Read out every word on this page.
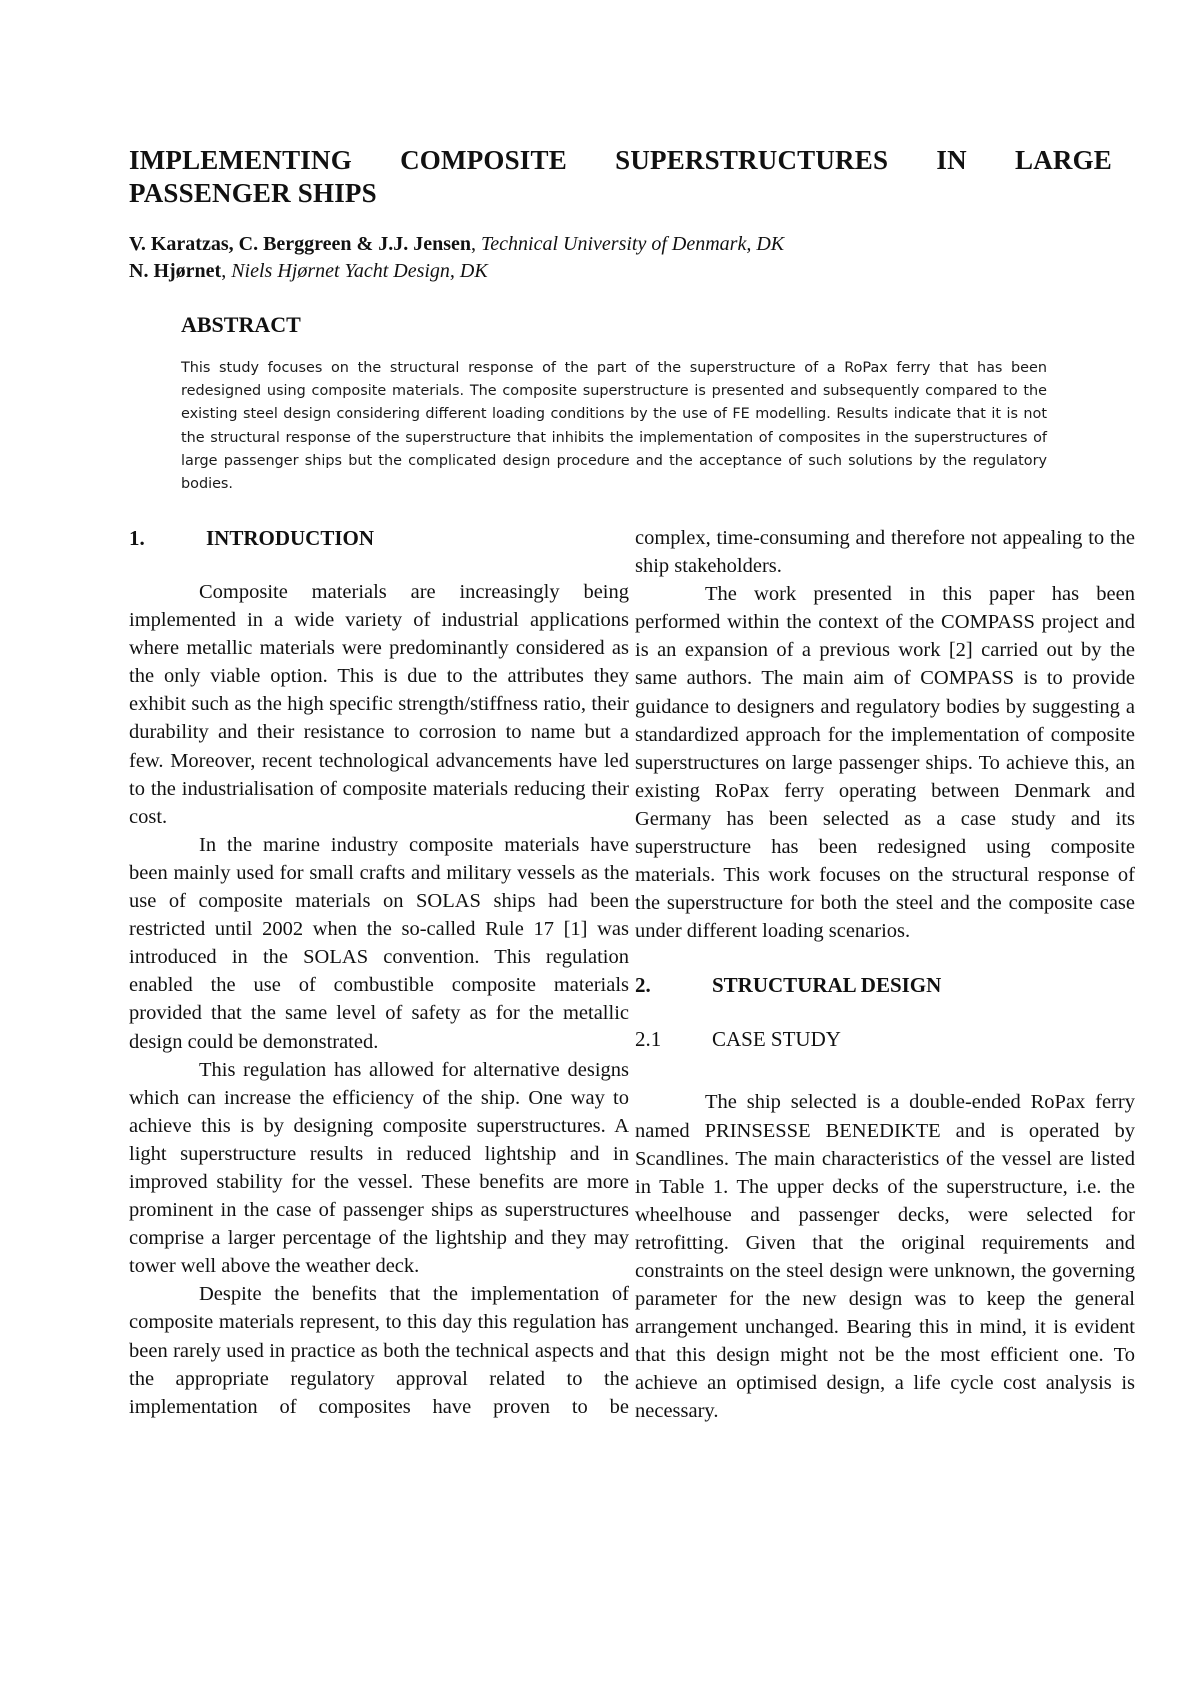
IMPLEMENTING COMPOSITE SUPERSTRUCTURES IN LARGE PASSENGER SHIPS
V. Karatzas, C. Berggreen & J.J. Jensen, Technical University of Denmark, DK
N. Hjørnet, Niels Hjørnet Yacht Design, DK
ABSTRACT
This study focuses on the structural response of the part of the superstructure of a RoPax ferry that has been redesigned using composite materials. The composite superstructure is presented and subsequently compared to the existing steel design considering different loading conditions by the use of FE modelling. Results indicate that it is not the structural response of the superstructure that inhibits the implementation of composites in the superstructures of large passenger ships but the complicated design procedure and the acceptance of such solutions by the regulatory bodies.
1.	INTRODUCTION

Composite materials are increasingly being implemented in a wide variety of industrial applications where metallic materials were predominantly considered as the only viable option. This is due to the attributes they exhibit such as the high specific strength/stiffness ratio, their durability and their resistance to corrosion to name but a few. Moreover, recent technological advancements have led to the industrialisation of composite materials reducing their cost.

In the marine industry composite materials have been mainly used for small crafts and military vessels as the use of composite materials on SOLAS ships had been restricted until 2002 when the so-called Rule 17 [1] was introduced in the SOLAS convention. This regulation enabled the use of combustible composite materials provided that the same level of safety as for the metallic design could be demonstrated.

This regulation has allowed for alternative designs which can increase the efficiency of the ship. One way to achieve this is by designing composite superstructures. A light superstructure results in reduced lightship and in improved stability for the vessel. These benefits are more prominent in the case of passenger ships as superstructures comprise a larger percentage of the lightship and they may tower well above the weather deck.

Despite the benefits that the implementation of composite materials represent, to this day this regulation has been rarely used in practice as both the technical aspects and the appropriate regulatory approval related to the implementation of composites have proven to be

complex, time-consuming and therefore not appealing to the ship stakeholders.

The work presented in this paper has been performed within the context of the COMPASS project and is an expansion of a previous work [2] carried out by the same authors. The main aim of COMPASS is to provide guidance to designers and regulatory bodies by suggesting a standardized approach for the implementation of composite superstructures on large passenger ships. To achieve this, an existing RoPax ferry operating between Denmark and Germany has been selected as a case study and its superstructure has been redesigned using composite materials. This work focuses on the structural response of the superstructure for both the steel and the composite case under different loading scenarios.

2.	STRUCTURAL DESIGN
2.1	CASE STUDY

The ship selected is a double-ended RoPax ferry named PRINSESSE BENEDIKTE and is operated by Scandlines. The main characteristics of the vessel are listed in Table 1. The upper decks of the superstructure, i.e. the wheelhouse and passenger decks, were selected for retrofitting. Given that the original requirements and constraints on the steel design were unknown, the governing parameter for the new design was to keep the general arrangement unchanged. Bearing this in mind, it is evident that this design might not be the most efficient one. To achieve an optimised design, a life cycle cost analysis is necessary.
